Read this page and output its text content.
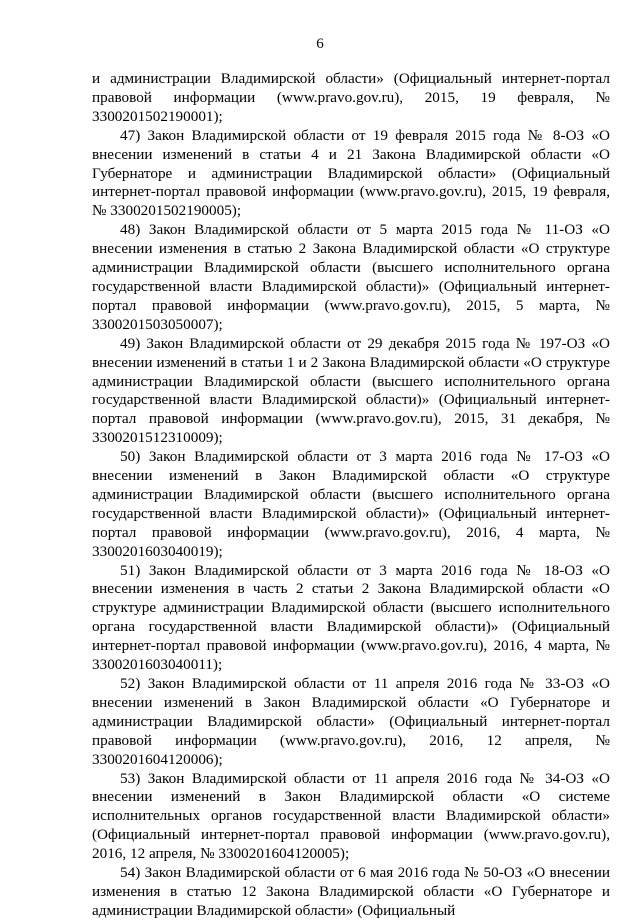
6

и администрации Владимирской области» (Официальный интернет-портал правовой информации (www.pravo.gov.ru), 2015, 19 февраля, № 3300201502190001);

47) Закон Владимирской области от 19 февраля 2015 года № 8-ОЗ «О внесении изменений в статьи 4 и 21 Закона Владимирской области «О Губернаторе и администрации Владимирской области» (Официальный интернет-портал правовой информации (www.pravo.gov.ru), 2015, 19 февраля, № 3300201502190005);

48) Закон Владимирской области от 5 марта 2015 года № 11-ОЗ «О внесении изменения в статью 2 Закона Владимирской области «О структуре администрации Владимирской области (высшего исполнительного органа государственной власти Владимирской области)» (Официальный интернет-портал правовой информации (www.pravo.gov.ru), 2015, 5 марта, № 3300201503050007);

49) Закон Владимирской области от 29 декабря 2015 года № 197-ОЗ «О внесении изменений в статьи 1 и 2 Закона Владимирской области «О структуре администрации Владимирской области (высшего исполнительного органа государственной власти Владимирской области)» (Официальный интернет-портал правовой информации (www.pravo.gov.ru), 2015, 31 декабря, № 3300201512310009);

50) Закон Владимирской области от 3 марта 2016 года № 17-ОЗ «О внесении изменений в Закон Владимирской области «О структуре администрации Владимирской области (высшего исполнительного органа государственной власти Владимирской области)» (Официальный интернет-портал правовой информации (www.pravo.gov.ru), 2016, 4 марта, № 3300201603040019);

51) Закон Владимирской области от 3 марта 2016 года № 18-ОЗ «О внесении изменения в часть 2 статьи 2 Закона Владимирской области «О структуре администрации Владимирской области (высшего исполнительного органа государственной власти Владимирской области)» (Официальный интернет-портал правовой информации (www.pravo.gov.ru), 2016, 4 марта, № 3300201603040011);

52) Закон Владимирской области от 11 апреля 2016 года № 33-ОЗ «О внесении изменений в Закон Владимирской области «О Губернаторе и администрации Владимирской области» (Официальный интернет-портал правовой информации (www.pravo.gov.ru), 2016, 12 апреля, № 3300201604120006);

53) Закон Владимирской области от 11 апреля 2016 года № 34-ОЗ «О внесении изменений в Закон Владимирской области «О системе исполнительных органов государственной власти Владимирской области» (Официальный интернет-портал правовой информации (www.pravo.gov.ru), 2016, 12 апреля, № 3300201604120005);

54) Закон Владимирской области от 6 мая 2016 года № 50-ОЗ «О внесении изменения в статью 12 Закона Владимирской области «О Губернаторе и администрации Владимирской области» (Официальный
